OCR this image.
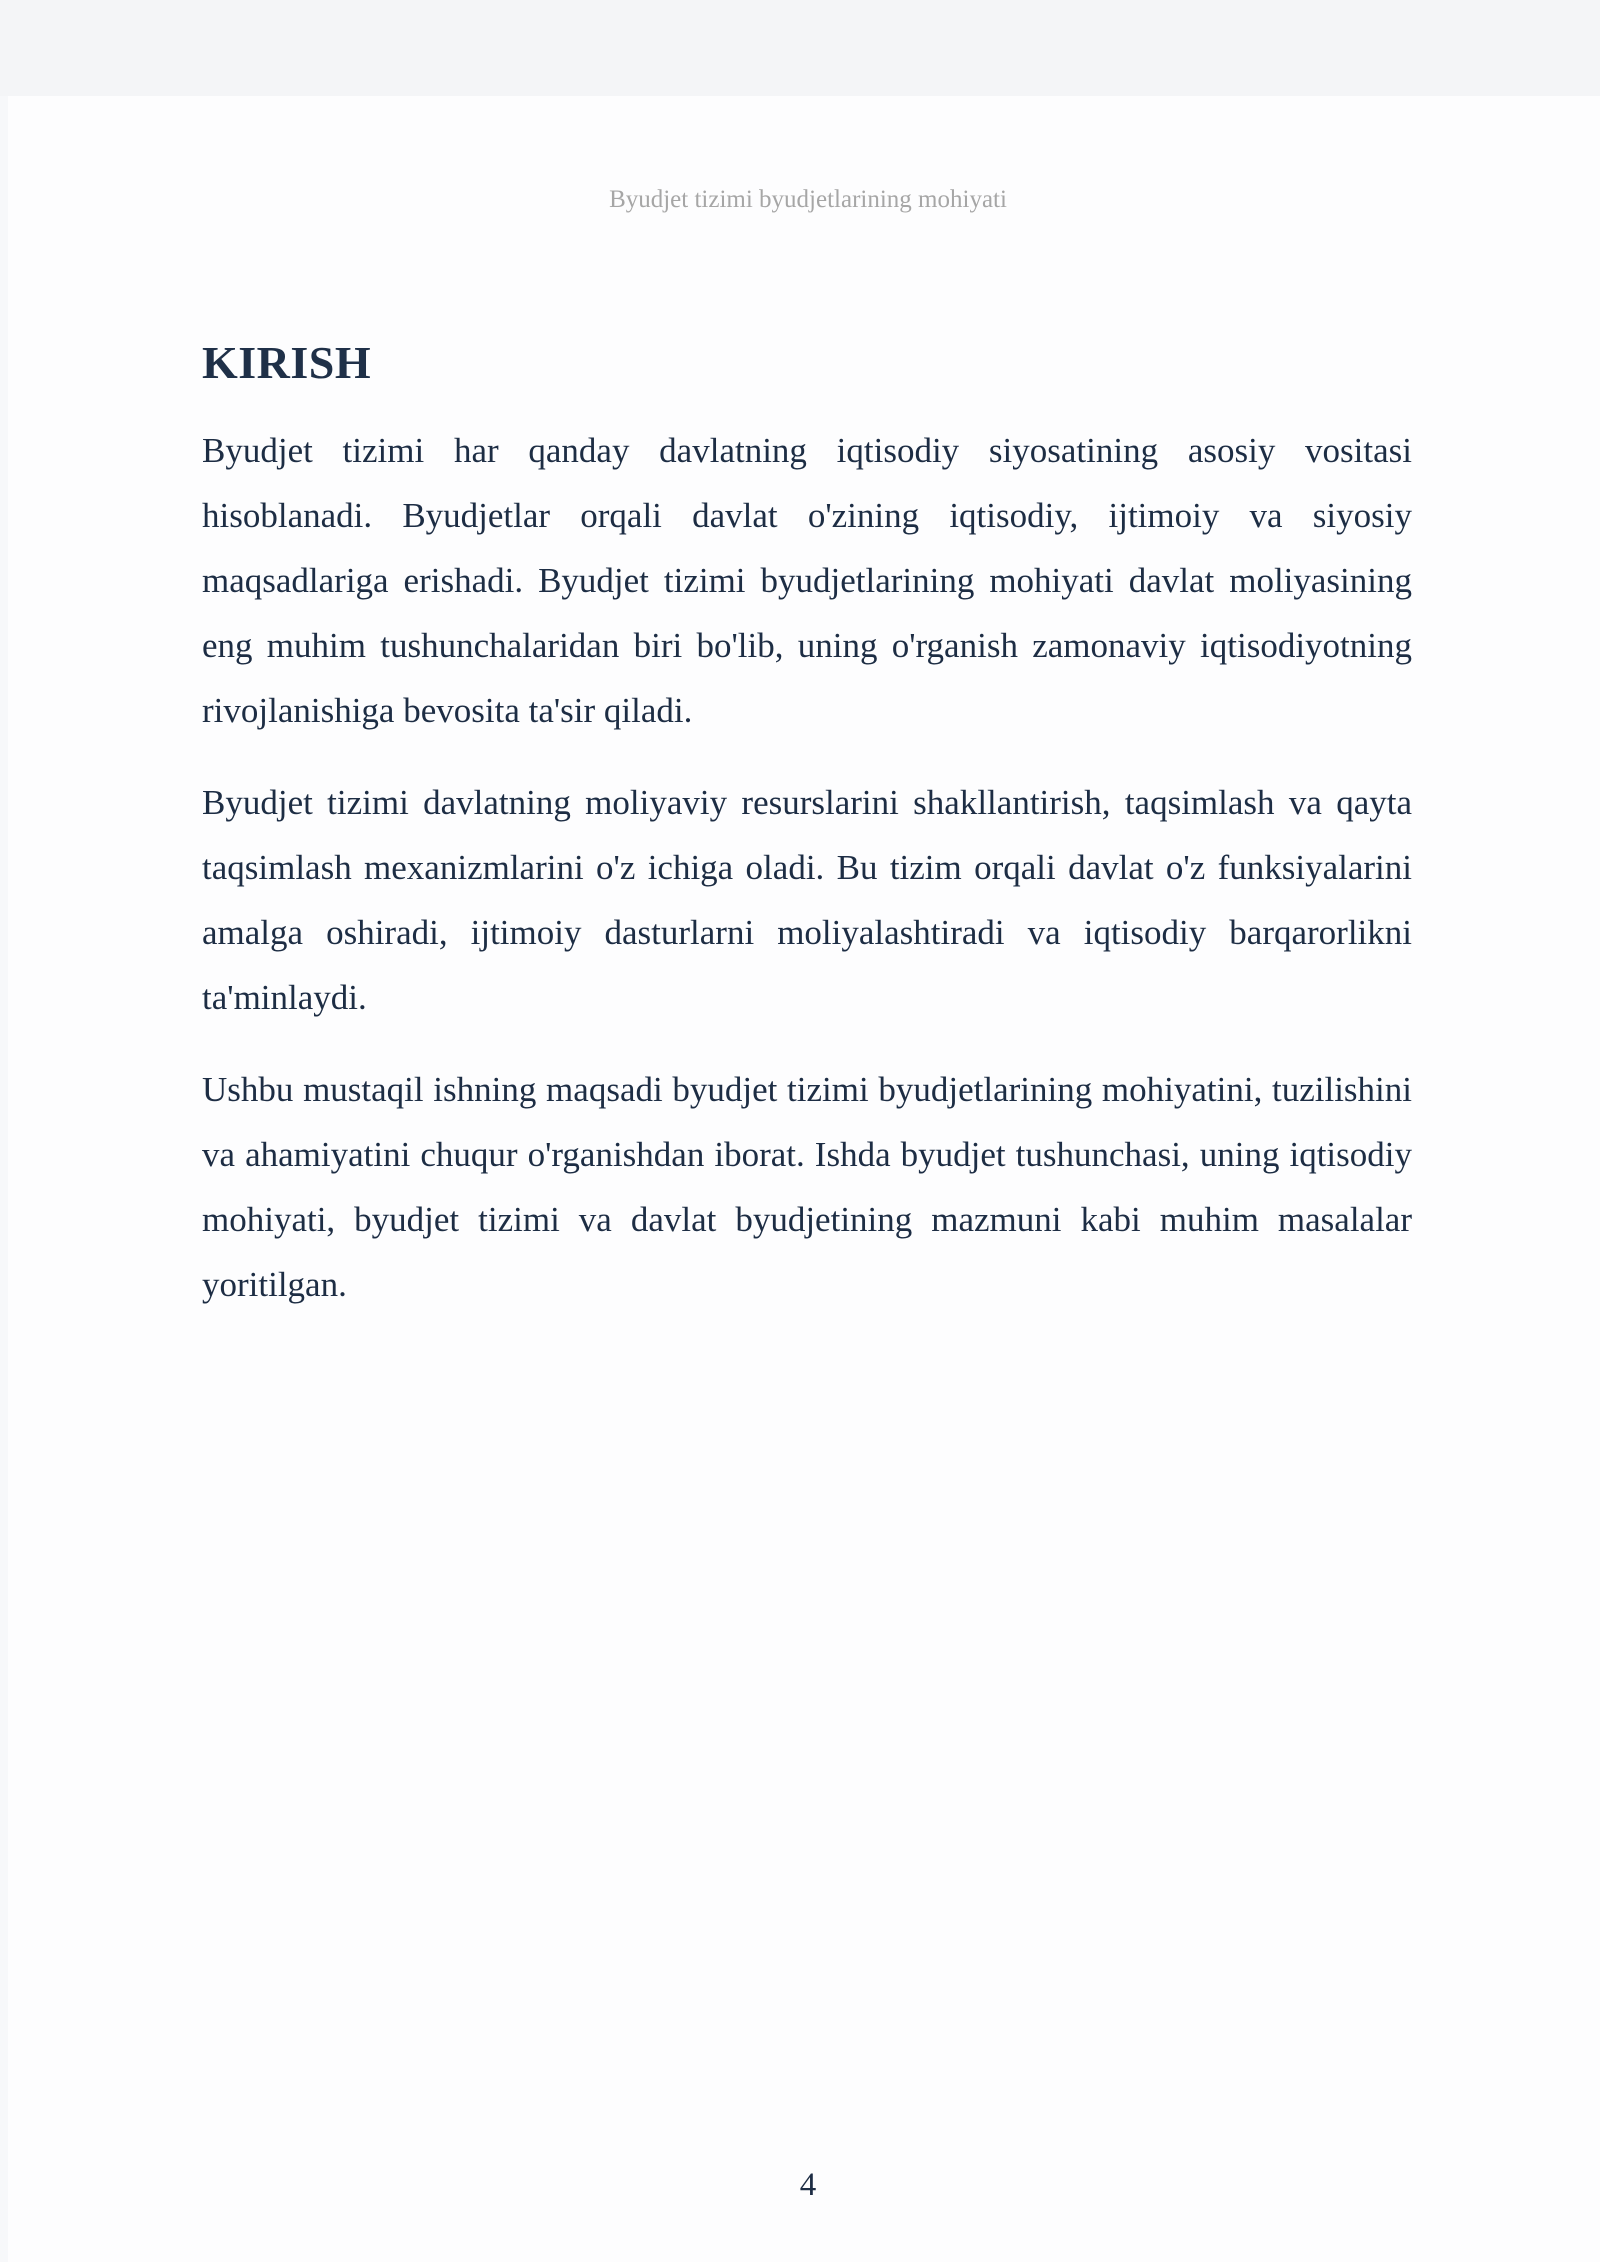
Byudjet tizimi byudjetlarining mohiyati

KIRISH

Byudjet tizimi har qanday davlatning iqtisodiy siyosatining asosiy vositasi hisoblanadi. Byudjetlar orqali davlat o'zining iqtisodiy, ijtimoiy va siyosiy maqsadlariga erishadi. Byudjet tizimi byudjetlarining mohiyati davlat moliyasining eng muhim tushunchalaridan biri bo'lib, uning o'rganish zamonaviy iqtisodiyotning rivojlanishiga bevosita ta'sir qiladi.

Byudjet tizimi davlatning moliyaviy resurslarini shakllantirish, taqsimlash va qayta taqsimlash mexanizmlarini o'z ichiga oladi. Bu tizim orqali davlat o'z funksiyalarini amalga oshiradi, ijtimoiy dasturlarni moliyalashtiradi va iqtisodiy barqarorlikni ta'minlaydi.

Ushbu mustaqil ishning maqsadi byudjet tizimi byudjetlarining mohiyatini, tuzilishini va ahamiyatini chuqur o'rganishdan iborat. Ishda byudjet tushunchasi, uning iqtisodiy mohiyati, byudjet tizimi va davlat byudjetining mazmuni kabi muhim masalalar yoritilgan.

4
